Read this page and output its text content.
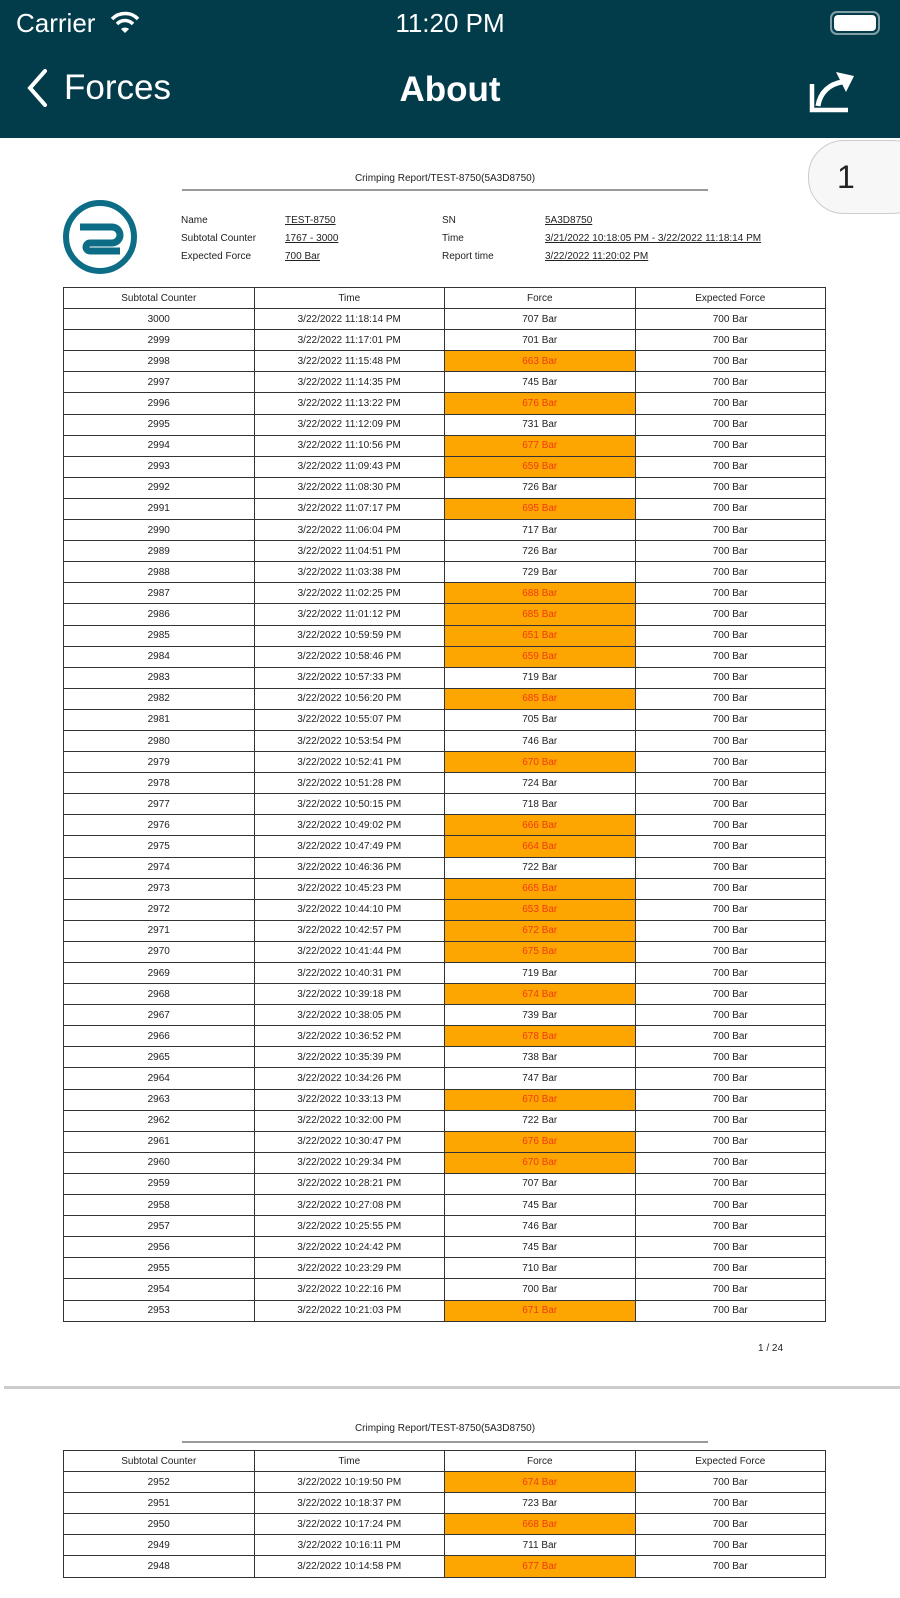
Carrier	11:20 PM
Forces	About
1
Crimping Report/TEST-8750(5A3D8750)
Name	TEST-8750
Subtotal Counter	1767 - 3000
Expected Force	700 Bar
SN	5A3D8750
Time	3/21/2022 10:18:05 PM - 3/22/2022 11:18:14 PM
Report time	3/22/2022 11:20:02 PM
Subtotal Counter	Time	Force	Expected Force
3000	3/22/2022 11:18:14 PM	707 Bar	700 Bar
2999	3/22/2022 11:17:01 PM	701 Bar	700 Bar
2998	3/22/2022 11:15:48 PM	663 Bar	700 Bar
2997	3/22/2022 11:14:35 PM	745 Bar	700 Bar
2996	3/22/2022 11:13:22 PM	676 Bar	700 Bar
2995	3/22/2022 11:12:09 PM	731 Bar	700 Bar
2994	3/22/2022 11:10:56 PM	677 Bar	700 Bar
2993	3/22/2022 11:09:43 PM	659 Bar	700 Bar
2992	3/22/2022 11:08:30 PM	726 Bar	700 Bar
2991	3/22/2022 11:07:17 PM	695 Bar	700 Bar
2990	3/22/2022 11:06:04 PM	717 Bar	700 Bar
2989	3/22/2022 11:04:51 PM	726 Bar	700 Bar
2988	3/22/2022 11:03:38 PM	729 Bar	700 Bar
2987	3/22/2022 11:02:25 PM	688 Bar	700 Bar
2986	3/22/2022 11:01:12 PM	685 Bar	700 Bar
2985	3/22/2022 10:59:59 PM	651 Bar	700 Bar
2984	3/22/2022 10:58:46 PM	659 Bar	700 Bar
2983	3/22/2022 10:57:33 PM	719 Bar	700 Bar
2982	3/22/2022 10:56:20 PM	685 Bar	700 Bar
2981	3/22/2022 10:55:07 PM	705 Bar	700 Bar
2980	3/22/2022 10:53:54 PM	746 Bar	700 Bar
2979	3/22/2022 10:52:41 PM	670 Bar	700 Bar
2978	3/22/2022 10:51:28 PM	724 Bar	700 Bar
2977	3/22/2022 10:50:15 PM	718 Bar	700 Bar
2976	3/22/2022 10:49:02 PM	666 Bar	700 Bar
2975	3/22/2022 10:47:49 PM	664 Bar	700 Bar
2974	3/22/2022 10:46:36 PM	722 Bar	700 Bar
2973	3/22/2022 10:45:23 PM	665 Bar	700 Bar
2972	3/22/2022 10:44:10 PM	653 Bar	700 Bar
2971	3/22/2022 10:42:57 PM	672 Bar	700 Bar
2970	3/22/2022 10:41:44 PM	675 Bar	700 Bar
2969	3/22/2022 10:40:31 PM	719 Bar	700 Bar
2968	3/22/2022 10:39:18 PM	674 Bar	700 Bar
2967	3/22/2022 10:38:05 PM	739 Bar	700 Bar
2966	3/22/2022 10:36:52 PM	678 Bar	700 Bar
2965	3/22/2022 10:35:39 PM	738 Bar	700 Bar
2964	3/22/2022 10:34:26 PM	747 Bar	700 Bar
2963	3/22/2022 10:33:13 PM	670 Bar	700 Bar
2962	3/22/2022 10:32:00 PM	722 Bar	700 Bar
2961	3/22/2022 10:30:47 PM	676 Bar	700 Bar
2960	3/22/2022 10:29:34 PM	670 Bar	700 Bar
2959	3/22/2022 10:28:21 PM	707 Bar	700 Bar
2958	3/22/2022 10:27:08 PM	745 Bar	700 Bar
2957	3/22/2022 10:25:55 PM	746 Bar	700 Bar
2956	3/22/2022 10:24:42 PM	745 Bar	700 Bar
2955	3/22/2022 10:23:29 PM	710 Bar	700 Bar
2954	3/22/2022 10:22:16 PM	700 Bar	700 Bar
2953	3/22/2022 10:21:03 PM	671 Bar	700 Bar
1 / 24
Crimping Report/TEST-8750(5A3D8750)
Subtotal Counter	Time	Force	Expected Force
2952	3/22/2022 10:19:50 PM	674 Bar	700 Bar
2951	3/22/2022 10:18:37 PM	723 Bar	700 Bar
2950	3/22/2022 10:17:24 PM	668 Bar	700 Bar
2949	3/22/2022 10:16:11 PM	711 Bar	700 Bar
2948	3/22/2022 10:14:58 PM	677 Bar	700 Bar
